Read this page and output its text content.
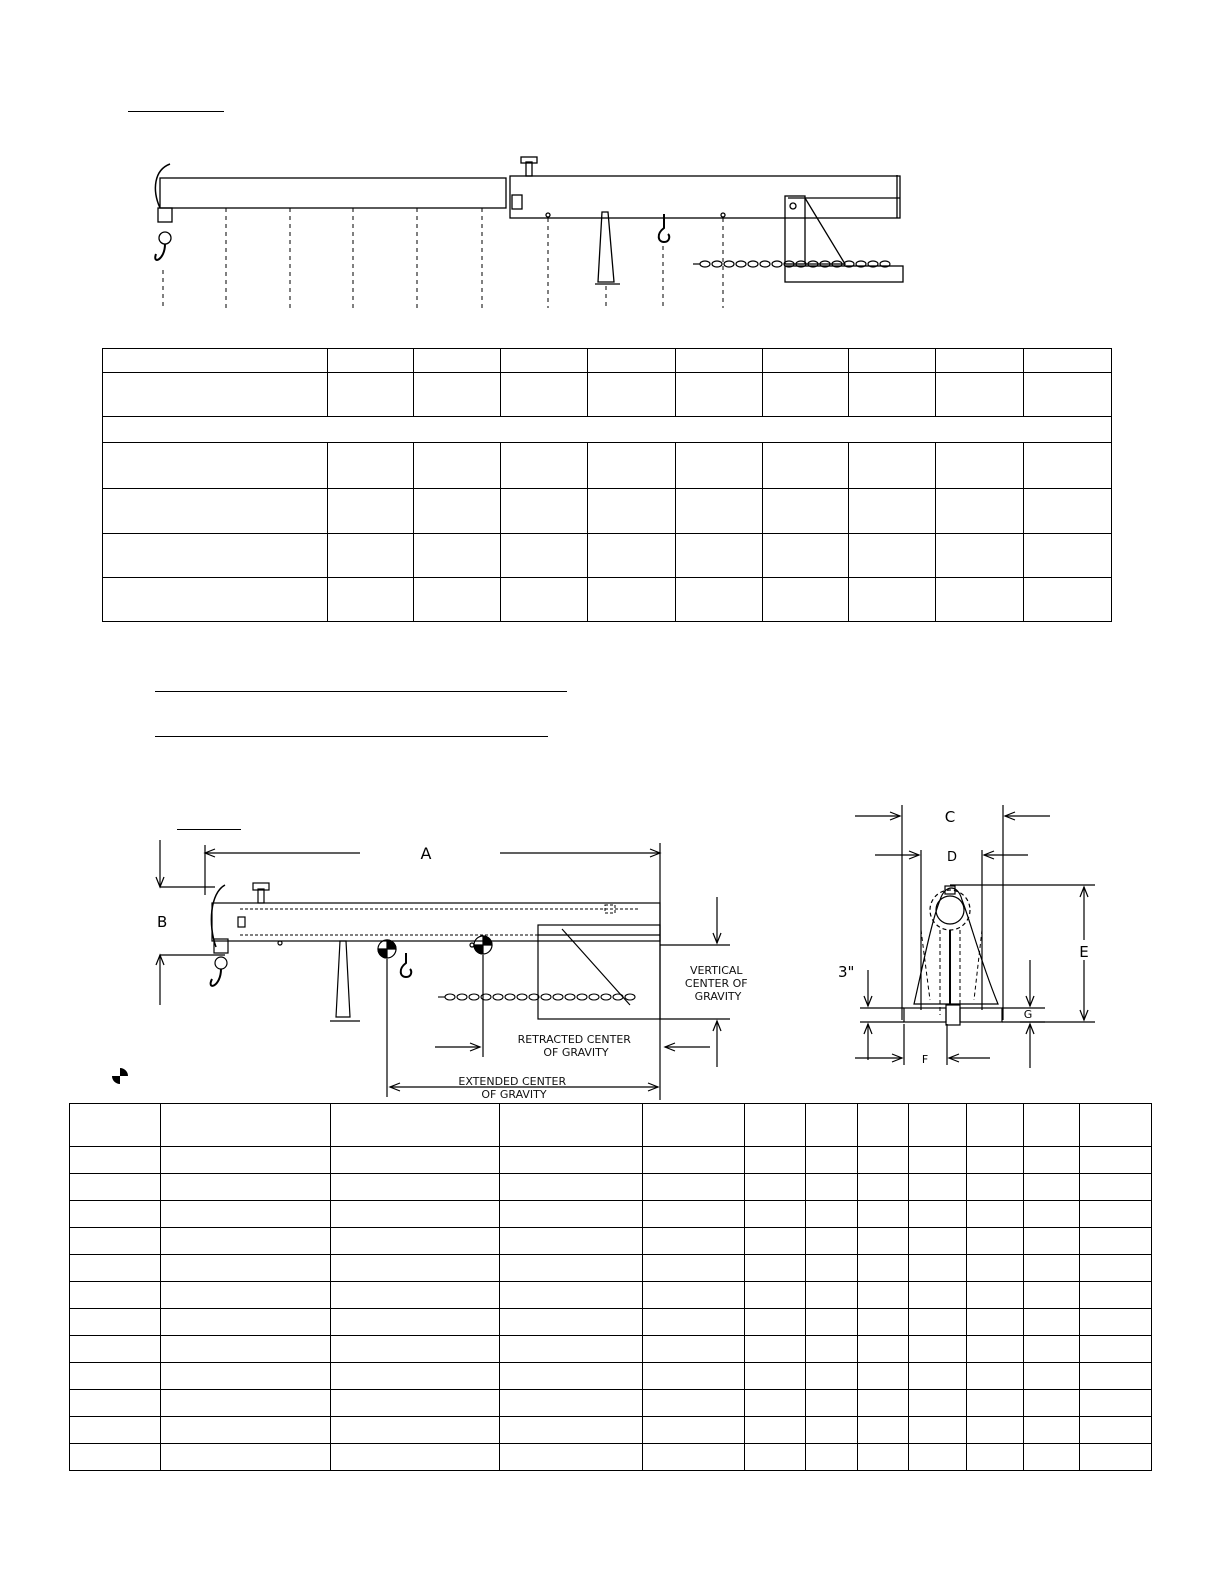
A
B
VERTICAL CENTER OF GRAVITY
RETRACTED CENTER OF GRAVITY
EXTENDED CENTER OF GRAVITY
C
D
E
F
G
3"
